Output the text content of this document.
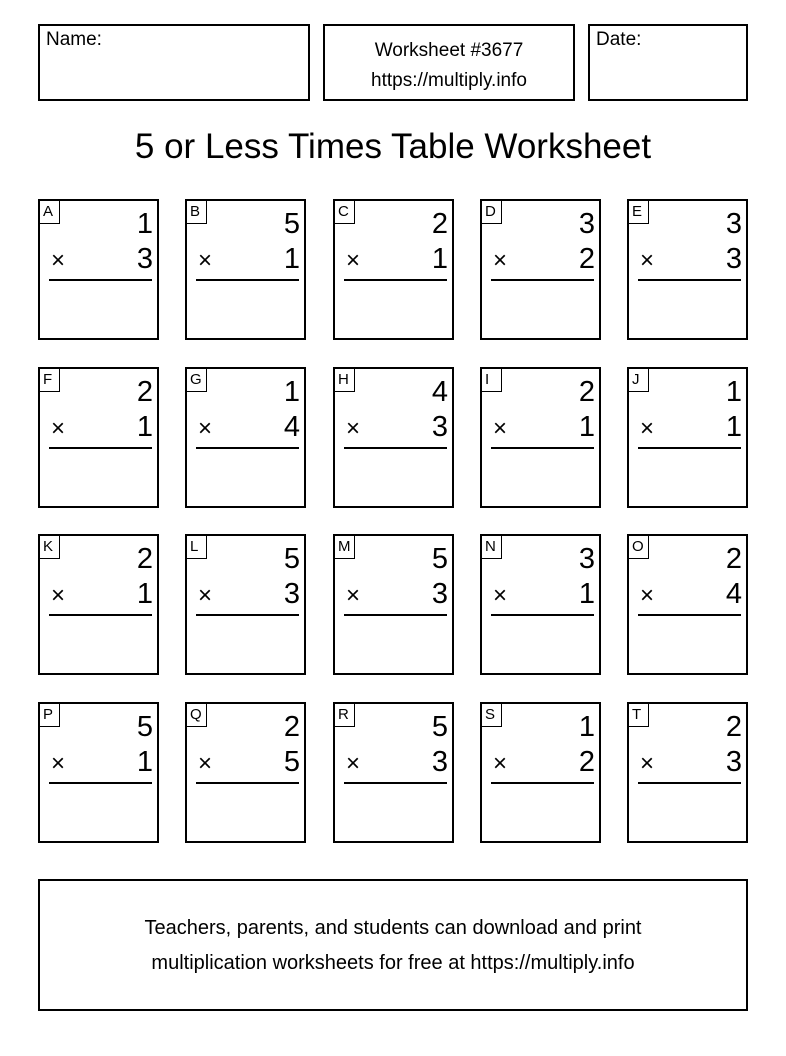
Name:
Worksheet #3677
https://multiply.info
Date:
5 or Less Times Table Worksheet
A	1
×	3
B	5
×	1
C	2
×	1
D	3
×	2
E	3
×	3
F	2
×	1
G	1
×	4
H	4
×	3
I	2
×	1
J	1
×	1
K	2
×	1
L	5
×	3
M	5
×	3
N	3
×	1
O	2
×	4
P	5
×	1
Q	2
×	5
R	5
×	3
S	1
×	2
T	2
×	3
Teachers, parents, and students can download and print
multiplication worksheets for free at https://multiply.info
